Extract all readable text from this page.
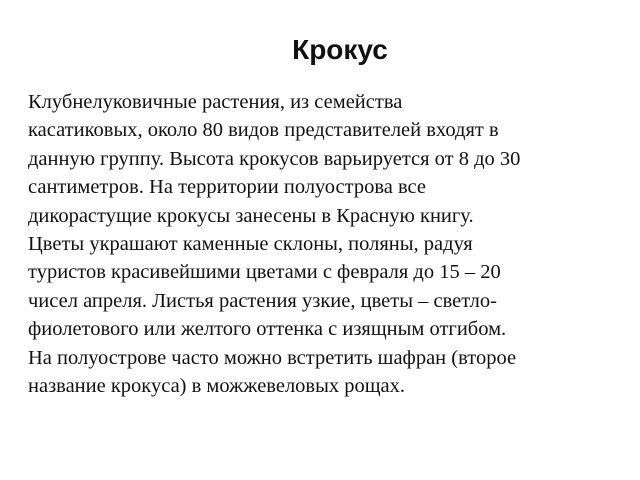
Крокус

Клубнелуковичные растения, из семейства
касатиковых, около 80 видов представителей входят в
данную группу. Высота крокусов варьируется от 8 до 30
сантиметров. На территории полуострова все
дикорастущие крокусы занесены в Красную книгу.
Цветы украшают каменные склоны, поляны, радуя
туристов красивейшими цветами с февраля до 15 – 20
чисел апреля. Листья растения узкие, цветы – светло-
фиолетового или желтого оттенка с изящным отгибом.
На полуострове часто можно встретить шафран (второе
название крокуса) в можжевеловых рощах.
